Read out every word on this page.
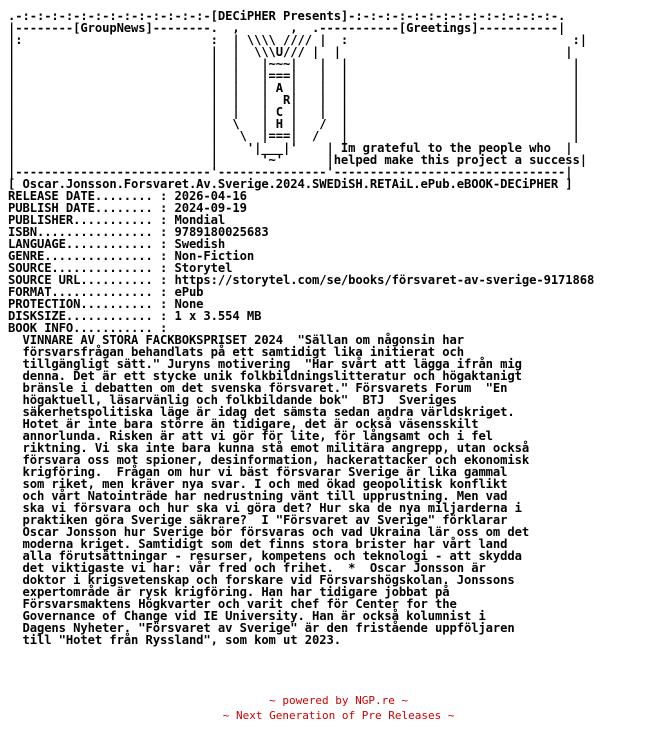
.-:-:-:-:-:-:-:-:-:-:-:-:-:-[DECiPHER Presents]-:-:-:-:-:-:-:-:-:-:-:-:-:-:-.
|--------[GroupNews]--------.  ,       ,  .-----------[Greetings]-----------|
|:                          :  | \\\\ //// |  :                               :|
|                           |  |  \\\U/// |  |                               |
|                           |  |   |~~~|   |  |                               |
|                           |  |   |===|   |  |                               |
|                           |  |   | A |   |  |                               |
|                           |  |   |  R|   |  |                               |
|                           |  |   | C |   |  |                               |
|                           |  \   | H |   /  |                               |
|                           |   \  |===|  /   |                               |
|                           |    '|___|'    | Im grateful to the people who  |
|                           |      '~'      |helped make this project a success|
|---------------------------'---------------'--------------------------------|
[ Oscar.Jonsson.Forsvaret.Av.Sverige.2024.SWEDiSH.RETAiL.ePub.eBOOK-DECiPHER ]
RELEASE DATE........ : 2026-04-16
PUBLISH DATE........ : 2024-09-19
PUBLISHER........... : Mondial
ISBN................ : 9789180025683
LANGUAGE............ : Swedish
GENRE............... : Non-Fiction
SOURCE.............. : Storytel
SOURCE URL.......... : https://storytel.com/se/books/försvaret-av-sverige-9171868
FORMAT.............. : ePub
PROTECTION.......... : None
DISKSIZE............ : 1 x 3.554 MB
BOOK INFO........... :
VINNARE AV STORA FACKBOKSPRISET 2024  "Sällan om någonsin har
försvarsfrågan behandlats på ett samtidigt lika initierat och
tillgängligt sätt." Juryns motivering  "Har svårt att lägga ifrån mig
denna. Det är ett stycke unik folkbildningslitteratur och högaktanigt
bränsle i debatten om det svenska försvaret." Försvarets Forum  "En
högaktuell, läsarvänlig och folkbildande bok"  BTJ  Sveriges
säkerhetspolitiska läge är idag det sämsta sedan andra världskriget.
Hotet är inte bara större än tidigare, det är också väsensskilt
annorlunda. Risken är att vi gör för lite, för långsamt och i fel
riktning. Vi ska inte bara kunna stå emot militära angrepp, utan också
försvara oss mot spioner, desinformation, hackerattacker och ekonomisk
krigföring.  Frågan om hur vi bäst försvarar Sverige är lika gammal
som riket, men kräver nya svar. I och med ökad geopolitisk konflikt
och vårt Natointräde har nedrustning vänt till upprustning. Men vad
ska vi försvara och hur ska vi göra det? Hur ska de nya miljarderna i
praktiken göra Sverige säkrare?  I "Försvaret av Sverige" förklarar
Oscar Jonsson hur Sverige bör försvaras och vad Ukraina lär oss om det
moderna kriget. Samtidigt som det finns stora brister har vårt land
alla förutsättningar - resurser, kompetens och teknologi - att skydda
det viktigaste vi har: vår fred och frihet.  *  Oscar Jonsson är
doktor i krigsvetenskap och forskare vid Försvarshögskolan. Jonssons
expertområde är rysk krigföring. Han har tidigare jobbat på
Försvarsmaktens Högkvarter och varit chef för Center for the
Governance of Change vid IE University. Han är också kolumnist i
Dagens Nyheter. "Försvaret av Sverige" är den fristående uppföljaren
till "Hotet från Ryssland", som kom ut 2023.

~ powered by NGP.re ~

~ Next Generation of Pre Releases ~
